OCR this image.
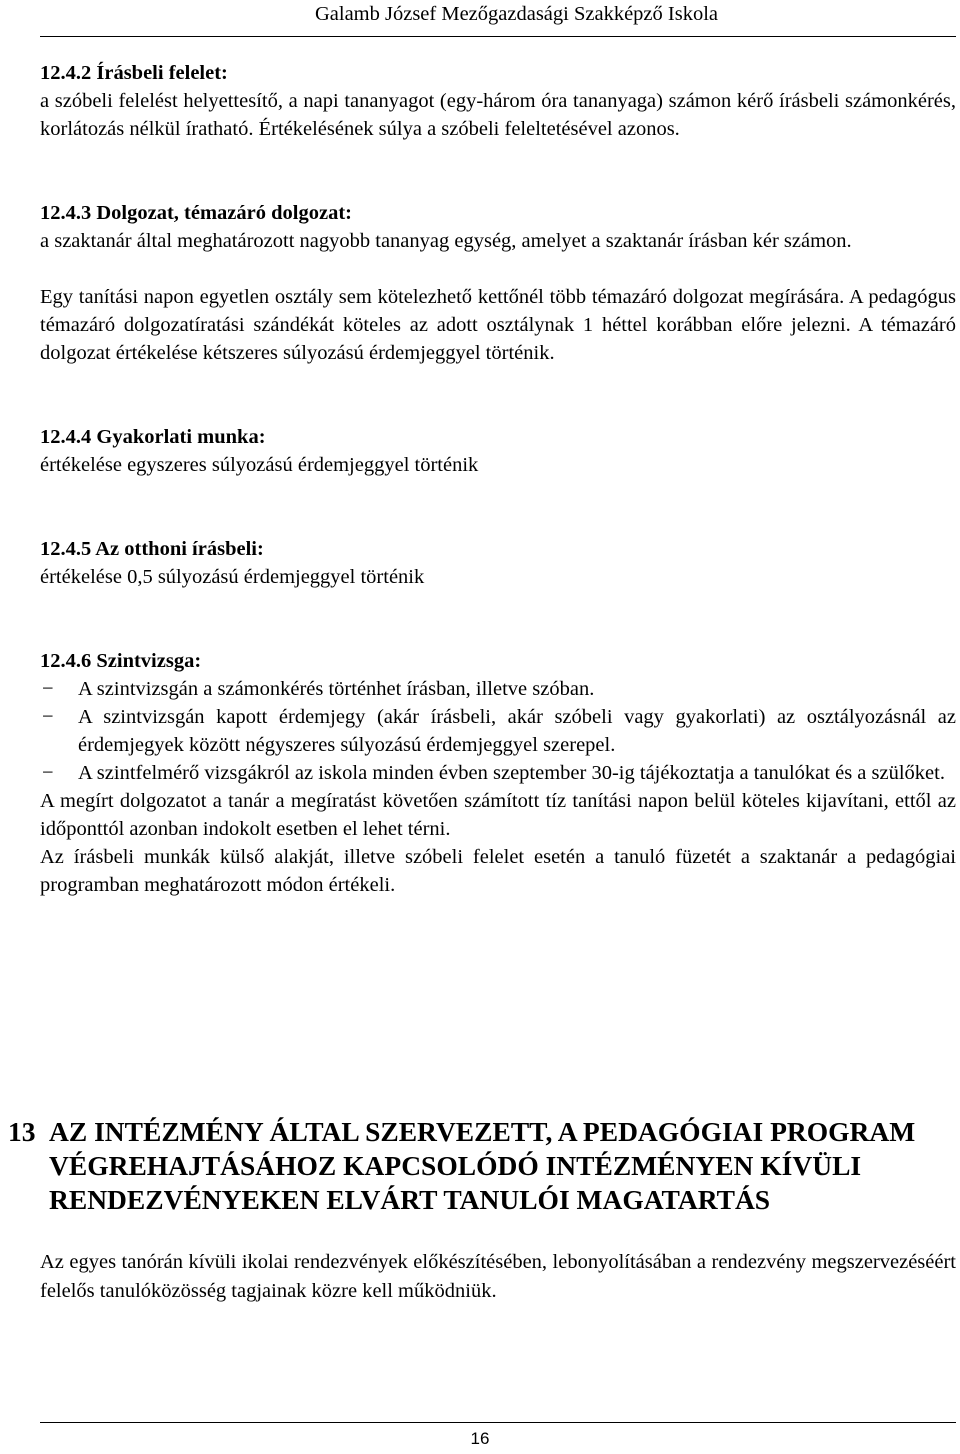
Galamb József Mezőgazdasági Szakképző Iskola
12.4.2 Írásbeli felelet:

a szóbeli felelést helyettesítő, a napi tananyagot (egy-három óra tananyaga) számon kérő írásbeli számonkérés, korlátozás nélkül íratható. Értékelésének súlya a szóbeli feleltetésével azonos.

12.4.3 Dolgozat, témazáró dolgozat:

a szaktanár által meghatározott nagyobb tananyag egység, amelyet a szaktanár írásban kér számon.

Egy tanítási napon egyetlen osztály sem kötelezhető kettőnél több témazáró dolgozat megírására. A pedagógus témazáró dolgozatíratási szándékát köteles az adott osztálynak 1 héttel korábban előre jelezni. A témazáró dolgozat értékelése kétszeres súlyozású érdemjeggyel történik.

12.4.4 Gyakorlati munka:

értékelése egyszeres súlyozású érdemjeggyel történik

12.4.5 Az otthoni írásbeli:

értékelése 0,5 súlyozású érdemjeggyel történik

12.4.6 Szintvizsga:
− A szintvizsgán a számonkérés történhet írásban, illetve szóban.
− A szintvizsgán kapott érdemjegy (akár írásbeli, akár szóbeli vagy gyakorlati) az osztályozásnál az érdemjegyek között négyszeres súlyozású érdemjeggyel szerepel.
− A szintfelmérő vizsgákról az iskola minden évben szeptember 30-ig tájékoztatja a tanulókat és a szülőket.

A megírt dolgozatot a tanár a megíratást követően számított tíz tanítási napon belül köteles kijavítani, ettől az időponttól azonban indokolt esetben el lehet térni.

Az írásbeli munkák külső alakját, illetve szóbeli felelet esetén a tanuló füzetét a szaktanár a pedagógiai programban meghatározott módon értékeli.

13 AZ INTÉZMÉNY ÁLTAL SZERVEZETT, A PEDAGÓGIAI PROGRAM VÉGREHAJTÁSÁHOZ KAPCSOLÓDÓ INTÉZMÉNYEN KÍVÜLI RENDEZVÉNYEKEN ELVÁRT TANULÓI MAGATARTÁS

Az egyes tanórán kívüli ikolai rendezvények előkészítésében, lebonyolításában a rendezvény megszervezéséért felelős tanulóközösség tagjainak közre kell működniük.

16
